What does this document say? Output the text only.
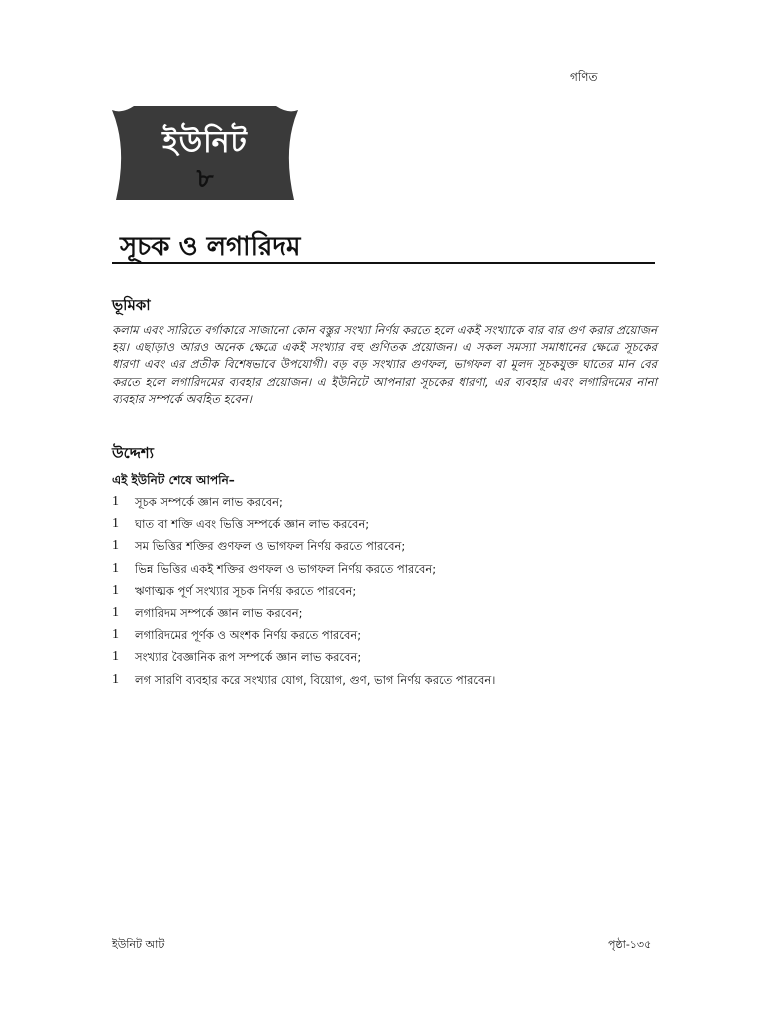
গণিত
ইউনিট
৮
সূচক ও লগারিদম
ভূমিকা
কলাম এবং সারিতে বর্গাকারে সাজানো কোন বস্তুর সংখ্যা নির্ণয় করতে হলে একই সংখ্যাকে বার বার গুণ করার প্রয়োজন হয়। এছাড়াও আরও অনেক ক্ষেত্রে একই সংখ্যার বহু গুণিতক প্রয়োজন। এ সকল সমস্যা সমাধানের ক্ষেত্রে সূচকের ধারণা এবং এর প্রতীক বিশেষভাবে উপযোগী। বড় বড় সংখ্যার গুণফল, ভাগফল বা মূলদ সূচকযুক্ত ঘাতের মান বের করতে হলে লগারিদমের ব্যবহার প্রয়োজন। এ ইউনিটে আপনারা সূচকের ধারণা, এর ব্যবহার এবং লগারিদমের নানা ব্যবহার সম্পর্কে অবহিত হবেন।
উদ্দেশ্য
এই ইউনিট শেষে আপনি–
1	সূচক সম্পর্কে জ্ঞান লাভ করবেন;
1	ঘাত বা শক্তি এবং ভিত্তি সম্পর্কে জ্ঞান লাভ করবেন;
1	সম ভিত্তির শক্তির গুণফল ও ভাগফল নির্ণয় করতে পারবেন;
1	ভিন্ন ভিত্তির একই শক্তির গুণফল ও ভাগফল নির্ণয় করতে পারবেন;
1	ঋণাত্মক পূর্ণ সংখ্যার সূচক নির্ণয় করতে পারবেন;
1	লগারিদম সম্পর্কে জ্ঞান লাভ করবেন;
1	লগারিদমের পূর্ণক ও অংশক নির্ণয় করতে পারবেন;
1	সংখ্যার বৈজ্ঞানিক রূপ সম্পর্কে জ্ঞান লাভ করবেন;
1	লগ সারণি ব্যবহার করে সংখ্যার যোগ, বিয়োগ, গুণ, ভাগ নির্ণয় করতে পারবেন।
ইউনিট আট	পৃষ্ঠা-১৩৫
